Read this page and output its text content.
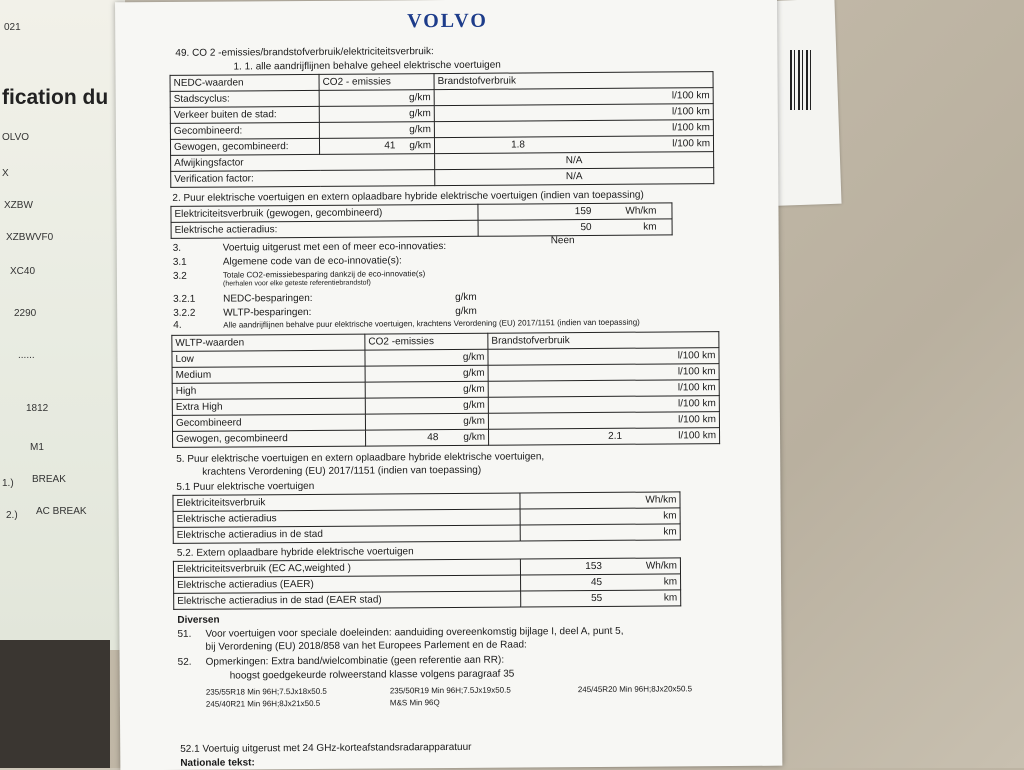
021
fication du
OLVO
X
XZBW
XZBWVF0
XC40
2290
......
1812
M1
1.) BREAK
2.) AC BREAK
VOLVO
49. CO 2 -emissies/brandstofverbruik/elektriciteitsverbruik:
1. 1. alle aandrijflijnen behalve geheel elektrische voertuigen
NEDC-waarden	CO2 - emissies	Brandstofverbruik
Stadscyclus:	g/km	l/100 km
Verkeer buiten de stad:	g/km	l/100 km
Gecombineerd:	g/km	l/100 km
Gewogen, gecombineerd:	41 g/km	1.8 l/100 km

Afwijkingsfactor		N/A
Verification factor:		N/A
2. Puur elektrische voertuigen en extern oplaadbare hybride elektrische voertuigen (indien van toepassing)
Elektriciteitsverbruik (gewogen, gecombineerd)	159 Wh/km

Elektrische actieradius:	50 km
3.	Voertuig uitgerust met een of meer eco-innovaties:
Neen
3.1	Algemene code van de eco-innovatie(s):
3.2	Totale CO2-emissiebesparing dankzij de eco-innovatie(s)
(herhalen voor elke geteste referentiebrandstof)
3.2.1	NEDC-besparingen:	g/km
3.2.2	WLTP-besparingen:	g/km
4.	Alle aandrijflijnen behalve puur elektrische voertuigen, krachtens Verordening (EU) 2017/1151 (indien van toepassing)
WLTP-waarden	CO2 -emissies	Brandstofverbruik
Low	g/km	l/100 km
Medium	g/km	l/100 km
High	g/km	l/100 km
Extra High	g/km	l/100 km
Gecombineerd	g/km	l/100 km
Gewogen, gecombineerd	48 g/km	2.1 l/100 km
5. Puur elektrische voertuigen en extern oplaadbare hybride elektrische voertuigen,
krachtens Verordening (EU) 2017/1151 (indien van toepassing)
5.1 Puur elektrische voertuigen
Elektriciteitsverbruik	Wh/km
Elektrische actieradius	km
Elektrische actieradius in de stad	km
5.2. Extern oplaadbare hybride elektrische voertuigen
Elektriciteitsverbruik (EC AC,weighted )	153 Wh/km

Elektrische actieradius (EAER)	45 km

Elektrische actieradius in de stad (EAER stad)	55 km
Diversen
51. Voor voertuigen voor speciale doeleinden: aanduiding overeenkomstig bijlage I, deel A, punt 5,
bij Verordening (EU) 2018/858 van het Europees Parlement en de Raad:
52. Opmerkingen: Extra band/wielcombinatie (geen referentie aan RR):
hoogst goedgekeurde rolweerstand klasse volgens paragraaf 35
235/55R18 Min 96H;7.5Jx18x50.5	235/50R19 Min 96H;7.5Jx19x50.5	245/45R20 Min 96H;8Jx20x50.5
245/40R21 Min 96H;8Jx21x50.5	M&S Min 96Q
52.1 Voertuig uitgerust met 24 GHz-korteafstandsradarapparatuur
Nationale tekst:
